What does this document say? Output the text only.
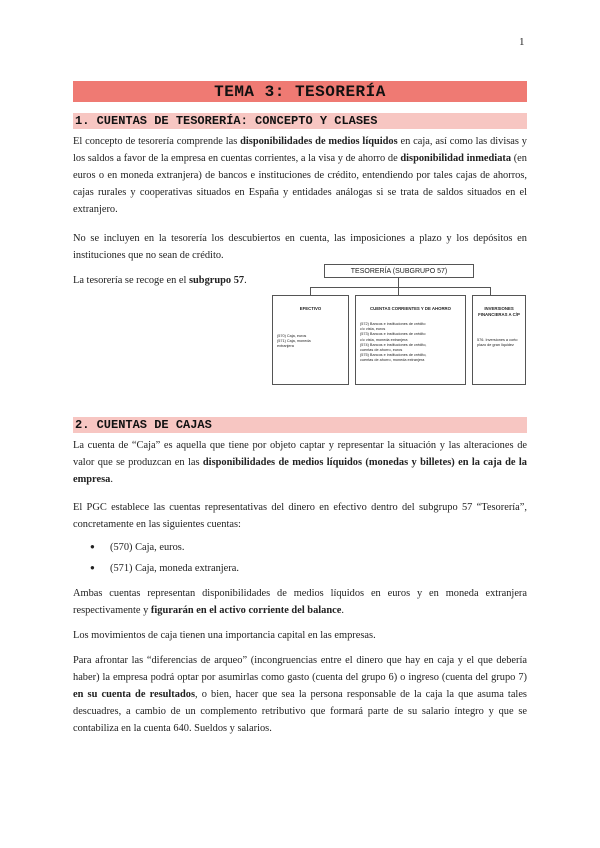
1
TEMA 3: TESORERÍA
1. CUENTAS DE TESORERÍA: CONCEPTO Y CLASES

El concepto de tesorería comprende las disponibilidades de medios líquidos en caja, así como las divisas y los saldos a favor de la empresa en cuentas corrientes, a la visa y de ahorro de disponibilidad inmediata (en euros o en moneda extranjera) de bancos e instituciones de crédito, entendiendo por tales cajas de ahorros, cajas rurales y cooperativas situados en España y entidades análogas si se trata de saldos situados en el extranjero.

No se incluyen en la tesorería los descubiertos en cuenta, las imposiciones a plazo y los depósitos en instituciones que no sean de crédito.

La tesorería se recoge en el subgrupo 57.

TESORERÍA (SUBGRUPO 57)
EFECTIVO
(570) Caja, euros
(571) Caja, moneda
extranjera
CUENTAS CORRIENTES Y DE AHORRO
(572) Bancos e instituciones de crédito
c/c vista, euros
(573) Bancos e instituciones de crédito
c/c vista, moneda extranjera
(574) Bancos e instituciones de crédito,
cuentas de ahorro, euros
(575) Bancos e instituciones de crédito,
cuentas de ahorro, moneda extranjera
INVERSIONES FINANCIERAS A C/P
576. Inversiones a corto
plazo de gran liquidez
2. CUENTAS DE CAJAS

La cuenta de “Caja” es aquella que tiene por objeto captar y representar la situación y las alteraciones de valor que se produzcan en las disponibilidades de medios líquidos (monedas y billetes) en la caja de la empresa.

El PGC establece las cuentas representativas del dinero en efectivo dentro del subgrupo 57 “Tesorería”, concretamente en las siguientes cuentas:

● (570) Caja, euros.
● (571) Caja, moneda extranjera.

Ambas cuentas representan disponibilidades de medios líquidos en euros y en moneda extranjera respectivamente y figurarán en el activo corriente del balance.

Los movimientos de caja tienen una importancia capital en las empresas.

Para afrontar las “diferencias de arqueo” (incongruencias entre el dinero que hay en caja y el que debería haber) la empresa podrá optar por asumirlas como gasto (cuenta del grupo 6) o ingreso (cuenta del grupo 7) en su cuenta de resultados, o bien, hacer que sea la persona responsable de la caja la que asuma tales descuadres, a cambio de un complemento retributivo que formará parte de su salario íntegro y que se contabiliza en la cuenta 640. Sueldos y salarios.
